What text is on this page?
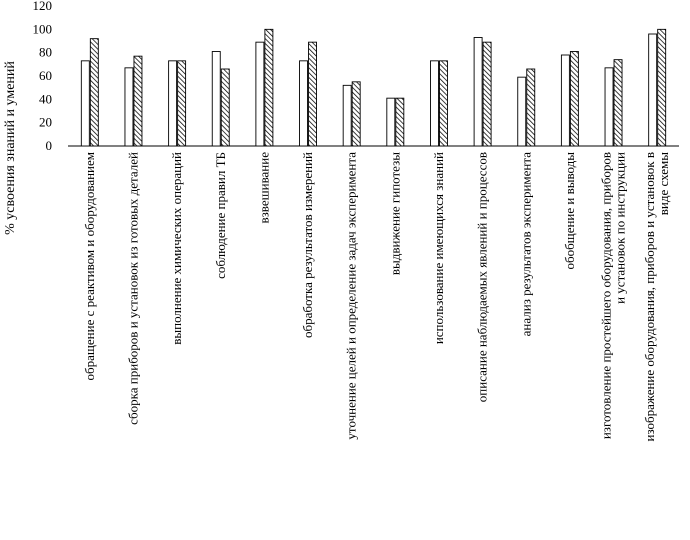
% усвоения знаний и умений 0
20
40
60
80
100
120
обращение с реактивом и оборудованием сборка приборов и установок из готовых деталей выполнение химических операций соблюдение правил ТБ взвешивание обработка результатов измерений уточнение целей и определение задач эксперимента выдвижение гипотезы использование имеющихся знаний описание наблюдаемых явлений и процессов анализ результатов эксперимента обобщение и выводы изготовление простейшего оборудования, приборов и установок по инструкции изображение оборудования, приборов и установок в виде схемы
